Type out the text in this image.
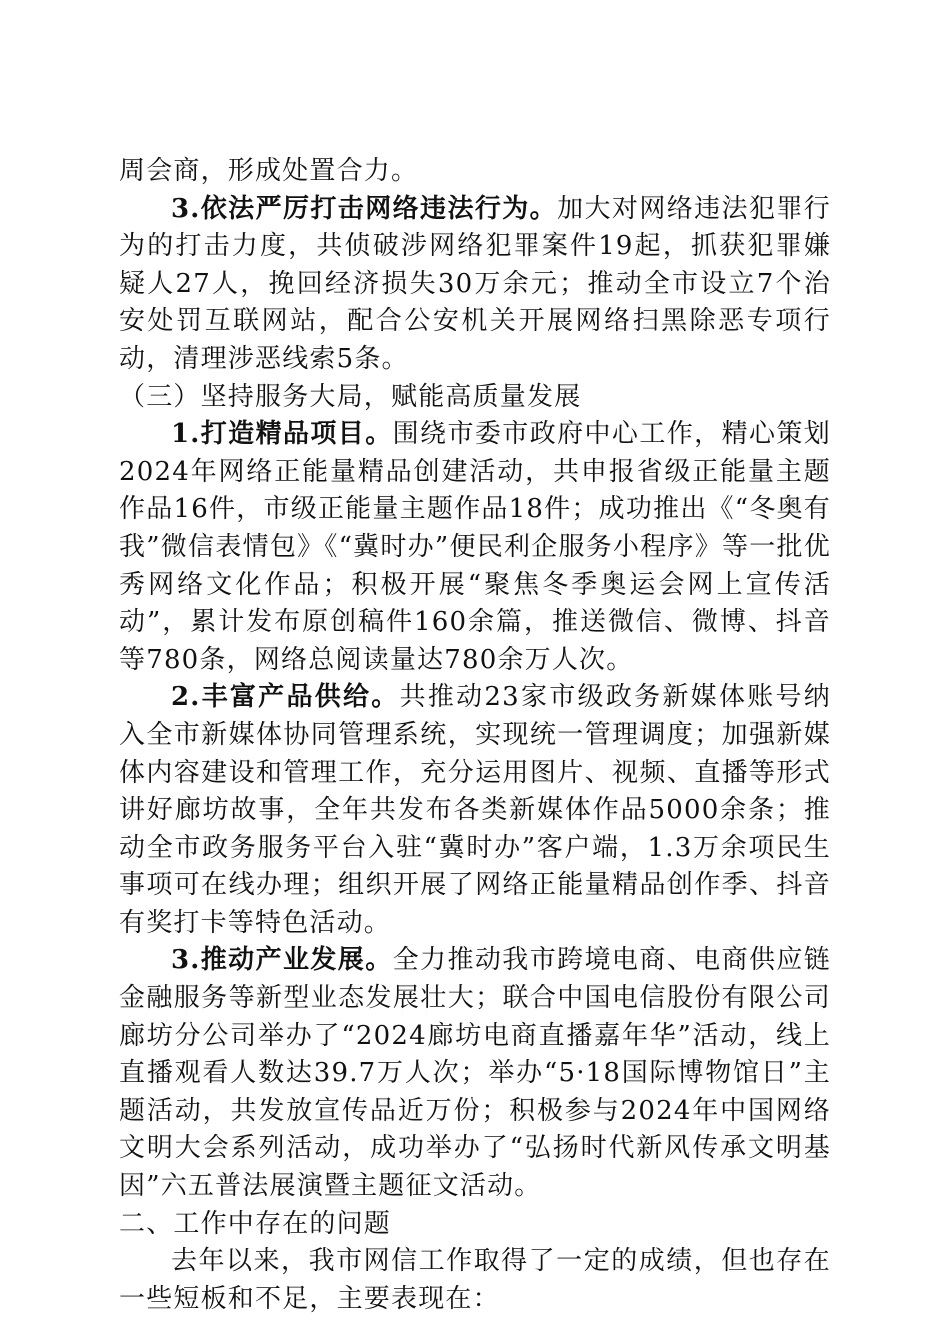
周会商，形成处置合力。

3.依法严厉打击网络违法行为。加大对网络违法犯罪行为的打击力度，共侦破涉网络犯罪案件19起，抓获犯罪嫌疑人27人，挽回经济损失30万余元；推动全市设立7个治安处罚互联网站，配合公安机关开展网络扫黑除恶专项行动，清理涉恶线索5条。

（三）坚持服务大局，赋能高质量发展

1.打造精品项目。围绕市委市政府中心工作，精心策划2024年网络正能量精品创建活动，共申报省级正能量主题作品16件，市级正能量主题作品18件；成功推出《“冬奥有我”微信表情包》《“冀时办”便民利企服务小程序》等一批优秀网络文化作品；积极开展“聚焦冬季奥运会网上宣传活动”，累计发布原创稿件160余篇，推送微信、微博、抖音等780条，网络总阅读量达780余万人次。

2.丰富产品供给。共推动23家市级政务新媒体账号纳入全市新媒体协同管理系统，实现统一管理调度；加强新媒体内容建设和管理工作，充分运用图片、视频、直播等形式讲好廊坊故事，全年共发布各类新媒体作品5000余条；推动全市政务服务平台入驻“冀时办”客户端，1.3万余项民生事项可在线办理；组织开展了网络正能量精品创作季、抖音有奖打卡等特色活动。

3.推动产业发展。全力推动我市跨境电商、电商供应链金融服务等新型业态发展壮大；联合中国电信股份有限公司廊坊分公司举办了“2024廊坊电商直播嘉年华”活动，线上直播观看人数达39.7万人次；举办“5·18国际博物馆日”主题活动，共发放宣传品近万份；积极参与2024年中国网络文明大会系列活动，成功举办了“弘扬时代新风传承文明基因”六五普法展演暨主题征文活动。

二、工作中存在的问题

去年以来，我市网信工作取得了一定的成绩，但也存在一些短板和不足，主要表现在：
